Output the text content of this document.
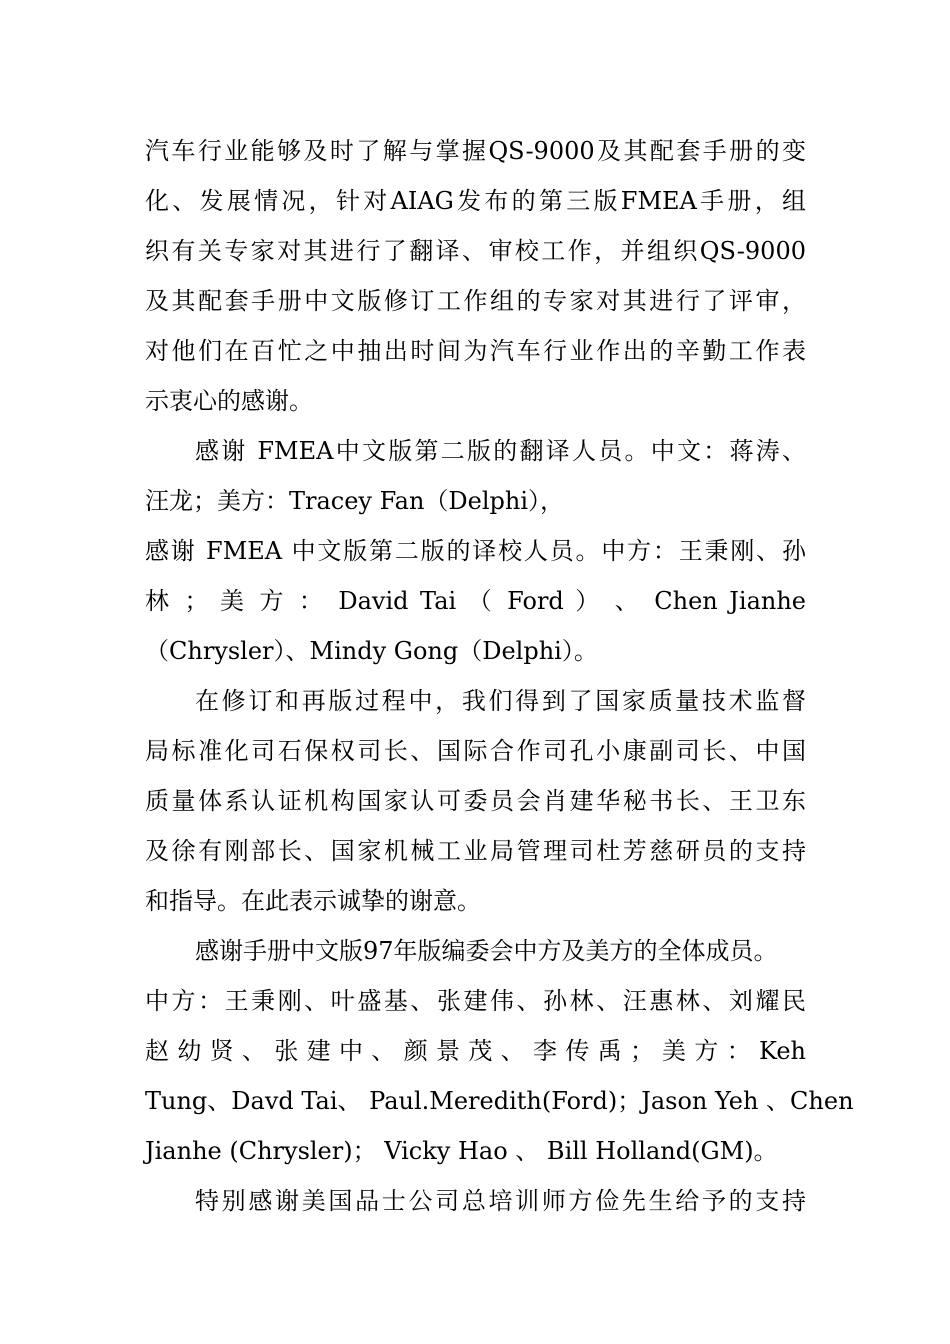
汽车行业能够及时了解与掌握QS-9000及其配套手册的变
化、发展情况，针对AIAG发布的第三版FMEA手册，组
织有关专家对其进行了翻译、审校工作，并组织QS-9000
及其配套手册中文版修订工作组的专家对其进行了评审，
对他们在百忙之中抽出时间为汽车行业作出的辛勤工作表
示衷心的感谢。
感谢 FMEA中文版第二版的翻译人员。中文：蒋涛、
汪龙；美方：Tracey Fan（Delphi），
感谢 FMEA 中文版第二版的译校人员。中方：王秉刚、孙
林 ； 美 方 ： David Tai （ Ford ） 、 Chen Jianhe
（Chrysler）、Mindy Gong（Delphi）。
在修订和再版过程中，我们得到了国家质量技术监督
局标准化司石保权司长、国际合作司孔小康副司长、中国
质量体系认证机构国家认可委员会肖建华秘书长、王卫东
及徐有刚部长、国家机械工业局管理司杜芳慈研员的支持
和指导。在此表示诚挚的谢意。
感谢手册中文版97年版编委会中方及美方的全体成员。
中方：王秉刚、叶盛基、张建伟、孙林、汪惠林、刘耀民
赵 幼 贤 、 张 建 中 、 颜 景 茂 、 李 传 禹 ； 美 方 ： Keh
Tung、Davd Tai、 Paul.Meredith(Ford)；Jason Yeh 、Chen
Jianhe (Chrysler)； Vicky Hao 、 Bill Holland(GM)。
特别感谢美国品士公司总培训师方俭先生给予的支持
